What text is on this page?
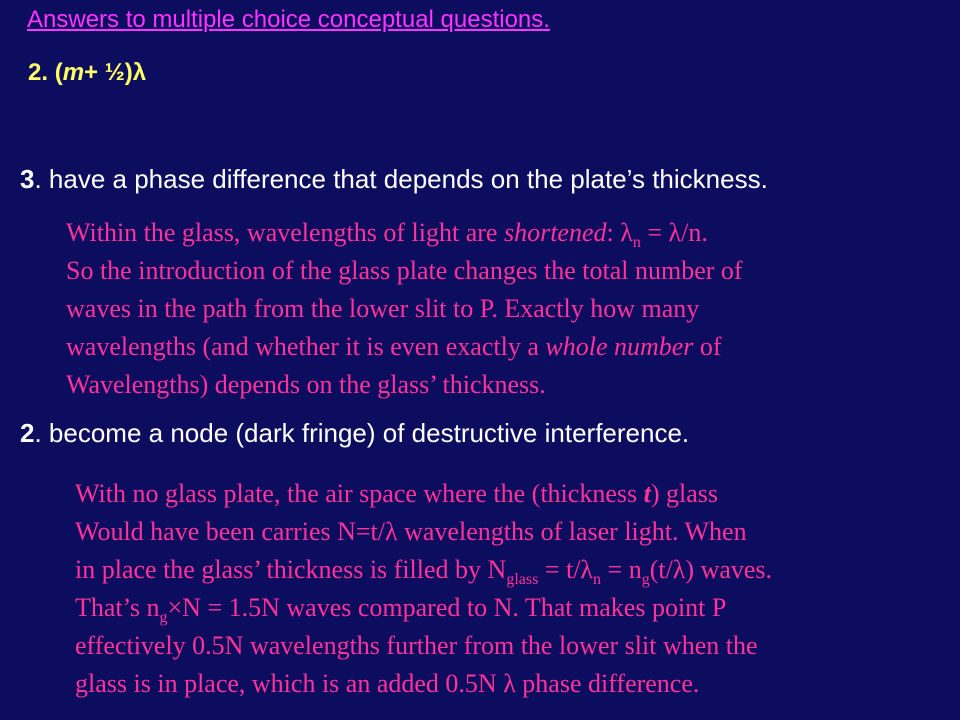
Answers to multiple choice conceptual questions.
2. (m+ ½)λ
3. have a phase difference that depends on the plate’s thickness.
Within the glass, wavelengths of light are shortened: $\lambda_n = \lambda/n$.
So the introduction of the glass plate changes the total number of
waves in the path from the lower slit to P. Exactly how many
wavelengths (and whether it is even exactly a whole number of
Wavelengths) depends on the glass’ thickness.
2. become a node (dark fringe) of destructive interference.
With no glass plate, the air space where the (thickness t) glass
Would have been carries N=t/λ wavelengths of laser light. When
in place the glass’ thickness is filled by $N_{glass} = t/\lambda_n = n_g(t/\lambda)$ waves.
That’s $n_g\times N = 1.5N$ waves compared to N. That makes point P
effectively 0.5N wavelengths further from the lower slit when the
glass is in place, which is an added 0.5N λ phase difference.
